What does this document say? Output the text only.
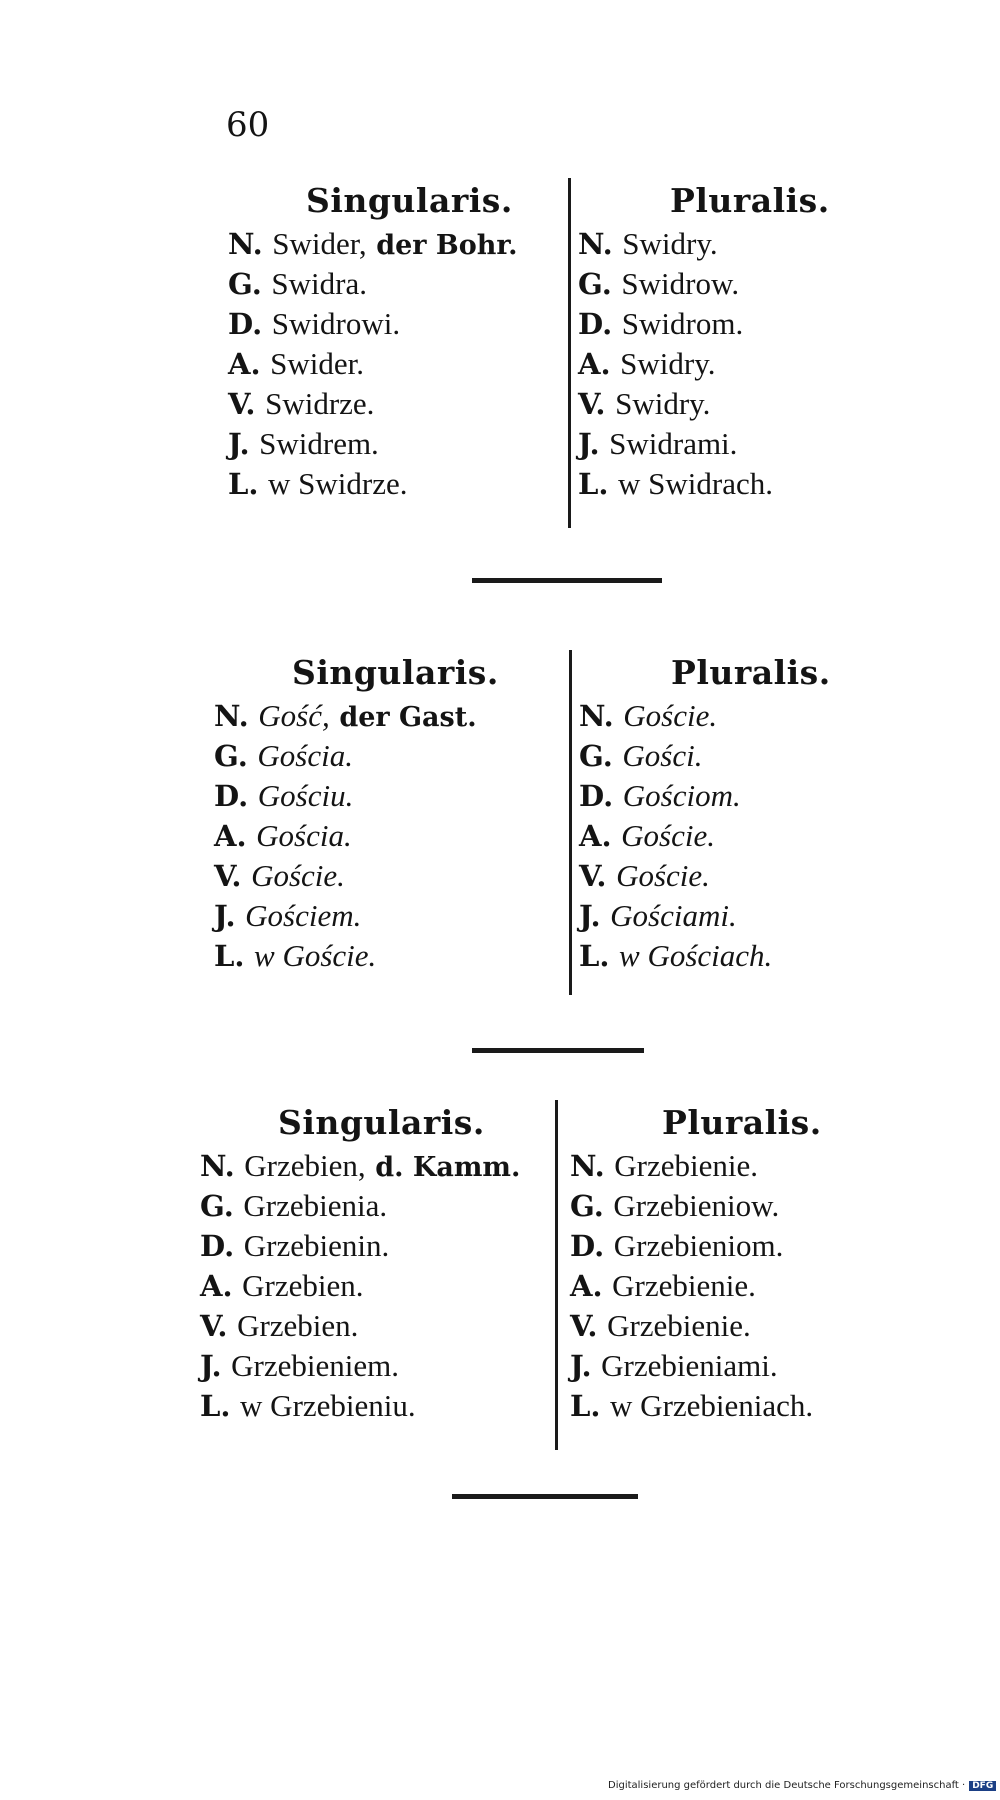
60
Singularis.
N. Swider, der Bohr.
G. Swidra.
D. Swidrowi.
A. Swider.
V. Swidrze.
J. Swidrem.
L. w Swidrze.
Pluralis.
N. Swidry.
G. Swidrow.
D. Swidrom.
A. Swidry.
V. Swidry.
J. Swidrami.
L. w Swidrach.
Singularis.
N. Gość, der Gast.
G. Gościa.
D. Gościu.
A. Gościa.
V. Goście.
J. Gościem.
L. w Goście.
Pluralis.
N. Goście.
G. Gości.
D. Gościom.
A. Goście.
V. Goście.
J. Gościami.
L. w Gościach.
Singularis.
N. Grzebien, d. Kamm.
G. Grzebienia.
D. Grzebienin.
A. Grzebien.
V. Grzebien.
J. Grzebieniem.
L. w Grzebieniu.
Pluralis.
N. Grzebienie.
G. Grzebieniow.
D. Grzebieniom.
A. Grzebienie.
V. Grzebienie.
J. Grzebieniami.
L. w Grzebieniach.
Digitalisierung gefördert durch die Deutsche Forschungsgemeinschaft · DFG
